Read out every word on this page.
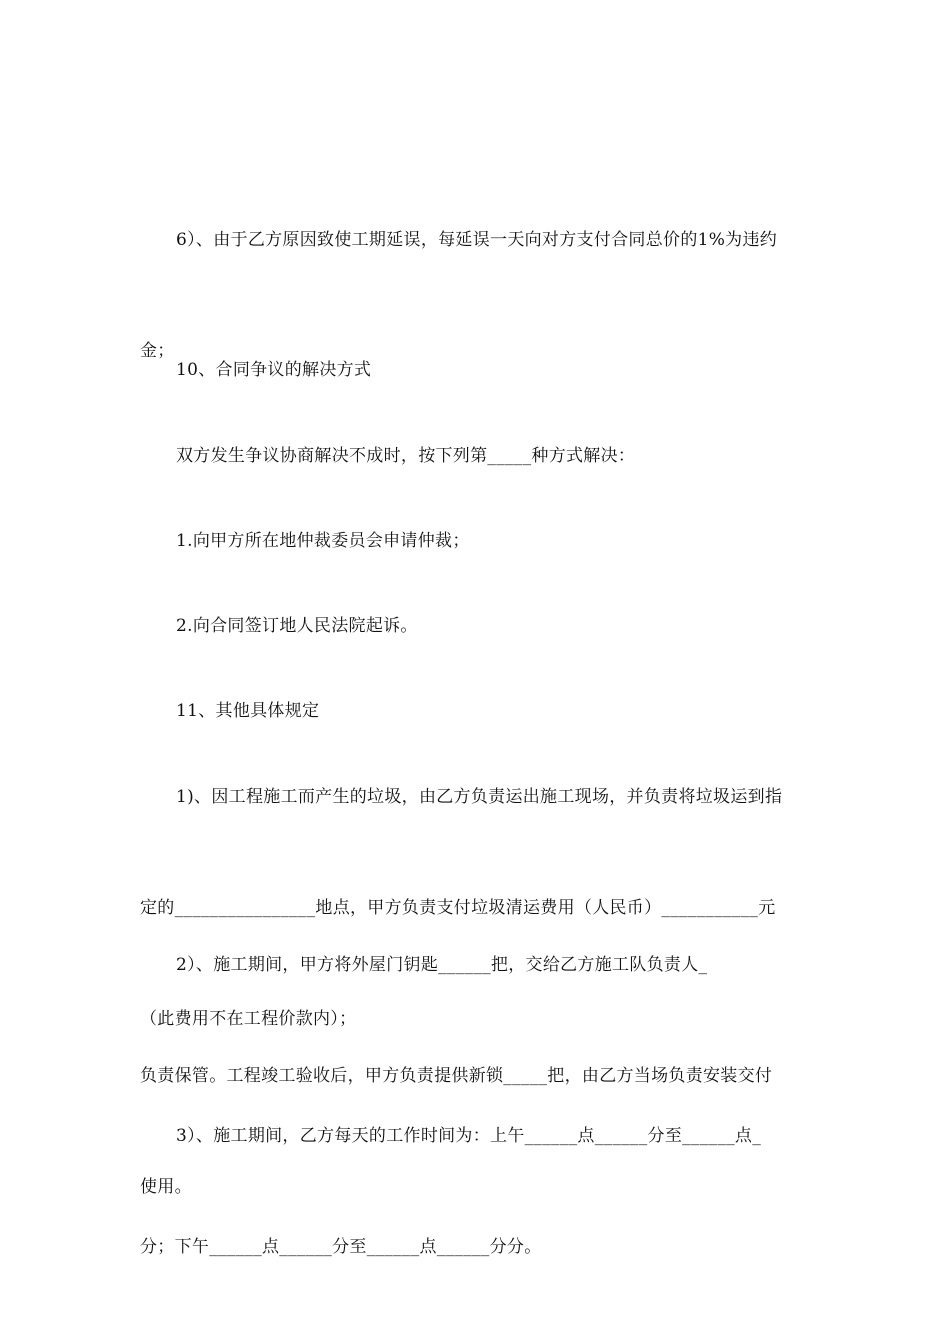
6）、由于乙方原因致使工期延误，每延误一天向对方支付合同总价的1%为违约

金；

10、合同争议的解决方式

双方发生争议协商解决不成时，按下列第_____种方式解决：

1.向甲方所在地仲裁委员会申请仲裁；

2.向合同签订地人民法院起诉。

11、其他具体规定

1)、因工程施工而产生的垃圾，由乙方负责运出施工现场，并负责将垃圾运到指

定的________________地点，甲方负责支付垃圾清运费用（人民币）___________元

（此费用不在工程价款内）；

2）、施工期间，甲方将外屋门钥匙______把，交给乙方施工队负责人_

负责保管。工程竣工验收后，甲方负责提供新锁_____把，由乙方当场负责安装交付

使用。

3）、施工期间，乙方每天的工作时间为：上午______点______分至______点_

分；下午______点______分至______点______分分。
